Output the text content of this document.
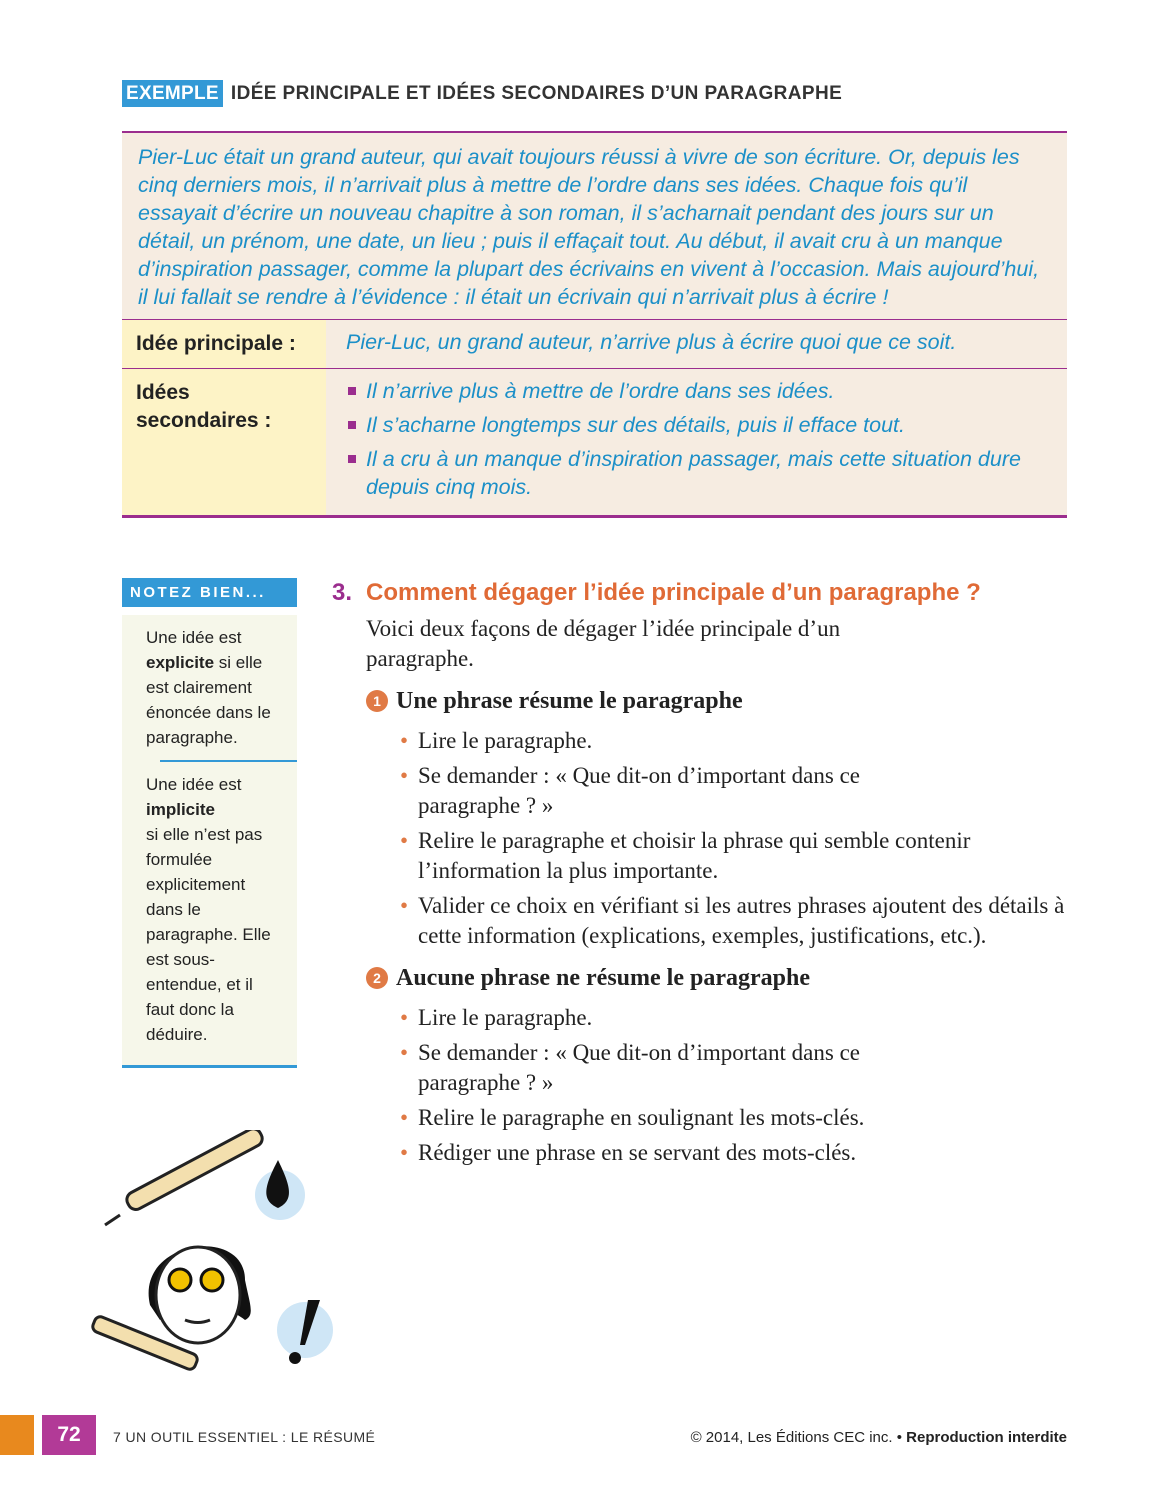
EXEMPLE IDÉE PRINCIPALE ET IDÉES SECONDAIRES D’UN PARAGRAPHE
Pier-Luc était un grand auteur, qui avait toujours réussi à vivre de son écriture. Or, depuis les cinq derniers mois, il n’arrivait plus à mettre de l’ordre dans ses idées. Chaque fois qu’il essayait d’écrire un nouveau chapitre à son roman, il s’acharnait pendant des jours sur un détail, un prénom, une date, un lieu ; puis il effaçait tout. Au début, il avait cru à un manque d’inspiration passager, comme la plupart des écrivains en vivent à l’occasion. Mais aujourd’hui, il lui fallait se rendre à l’évidence : il était un écrivain qui n’arrivait plus à écrire !
Idée principale :	Pier-Luc, un grand auteur, n’arrive plus à écrire quoi que ce soit.
Idées secondaires :
Il n’arrive plus à mettre de l’ordre dans ses idées.
Il s’acharne longtemps sur des détails, puis il efface tout.
Il a cru à un manque d’inspiration passager, mais cette situation dure depuis cinq mois.
NOTEZ BIEN...

Une idée est explicite si elle est clairement énoncée dans le paragraphe.

Une idée est implicite
si elle n’est pas formulée explicitement dans le paragraphe. Elle est sous-entendue, et il faut donc la déduire.

3. Comment dégager l’idée principale d’un paragraphe ?
Voici deux façons de dégager l’idée principale d’un paragraphe.
1 Une phrase résume le paragraphe
• Lire le paragraphe.
• Se demander : « Que dit-on d’important dans ce paragraphe ? »
• Relire le paragraphe et choisir la phrase qui semble contenir l’information la plus importante.
• Valider ce choix en vérifiant si les autres phrases ajoutent des détails à cette information (explications, exemples, justifications, etc.).
2 Aucune phrase ne résume le paragraphe
• Lire le paragraphe.
• Se demander : « Que dit-on d’important dans ce paragraphe ? »
• Relire le paragraphe en soulignant les mots-clés.
• Rédiger une phrase en se servant des mots-clés.
72	7 UN OUTIL ESSENTIEL : LE RÉSUMÉ	© 2014, Les Éditions CEC inc. • Reproduction interdite
